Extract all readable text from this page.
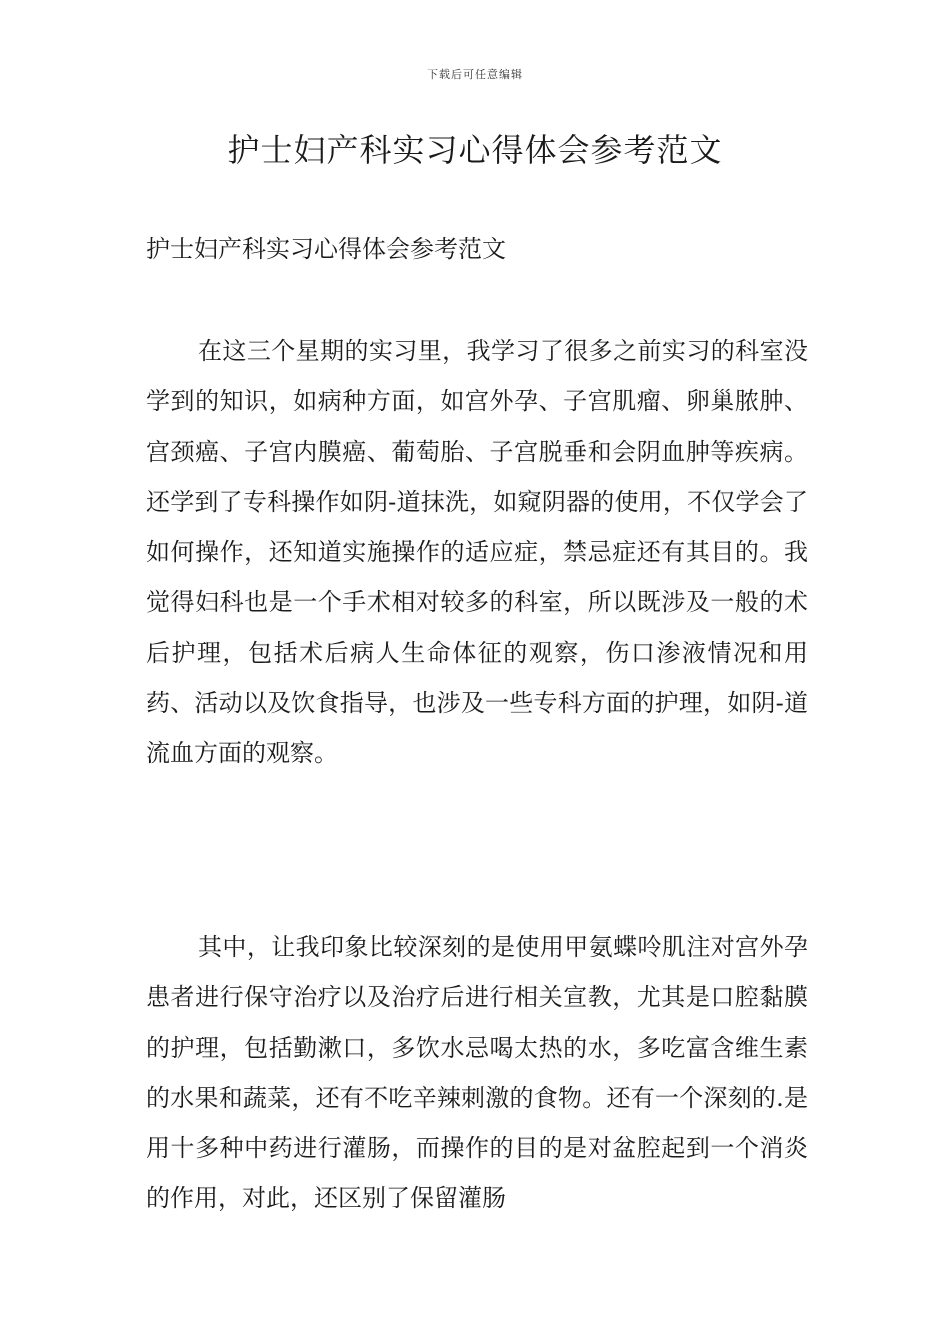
下载后可任意编辑
护士妇产科实习心得体会参考范文

护士妇产科实习心得体会参考范文

在这三个星期的实习里，我学习了很多之前实习的科室没学到的知识，如病种方面，如宫外孕、子宫肌瘤、卵巢脓肿、宫颈癌、子宫内膜癌、葡萄胎、子宫脱垂和会阴血肿等疾病。还学到了专科操作如阴-道抹洗，如窥阴器的使用，不仅学会了如何操作，还知道实施操作的适应症，禁忌症还有其目的。我觉得妇科也是一个手术相对较多的科室，所以既涉及一般的术后护理，包括术后病人生命体征的观察，伤口渗液情况和用药、活动以及饮食指导，也涉及一些专科方面的护理，如阴-道流血方面的观察。

其中，让我印象比较深刻的是使用甲氨蝶呤肌注对宫外孕患者进行保守治疗以及治疗后进行相关宣教，尤其是口腔黏膜的护理，包括勤漱口，多饮水忌喝太热的水，多吃富含维生素的水果和蔬菜，还有不吃辛辣刺激的食物。还有一个深刻的.是用十多种中药进行灌肠，而操作的目的是对盆腔起到一个消炎的作用，对此，还区别了保留灌肠
